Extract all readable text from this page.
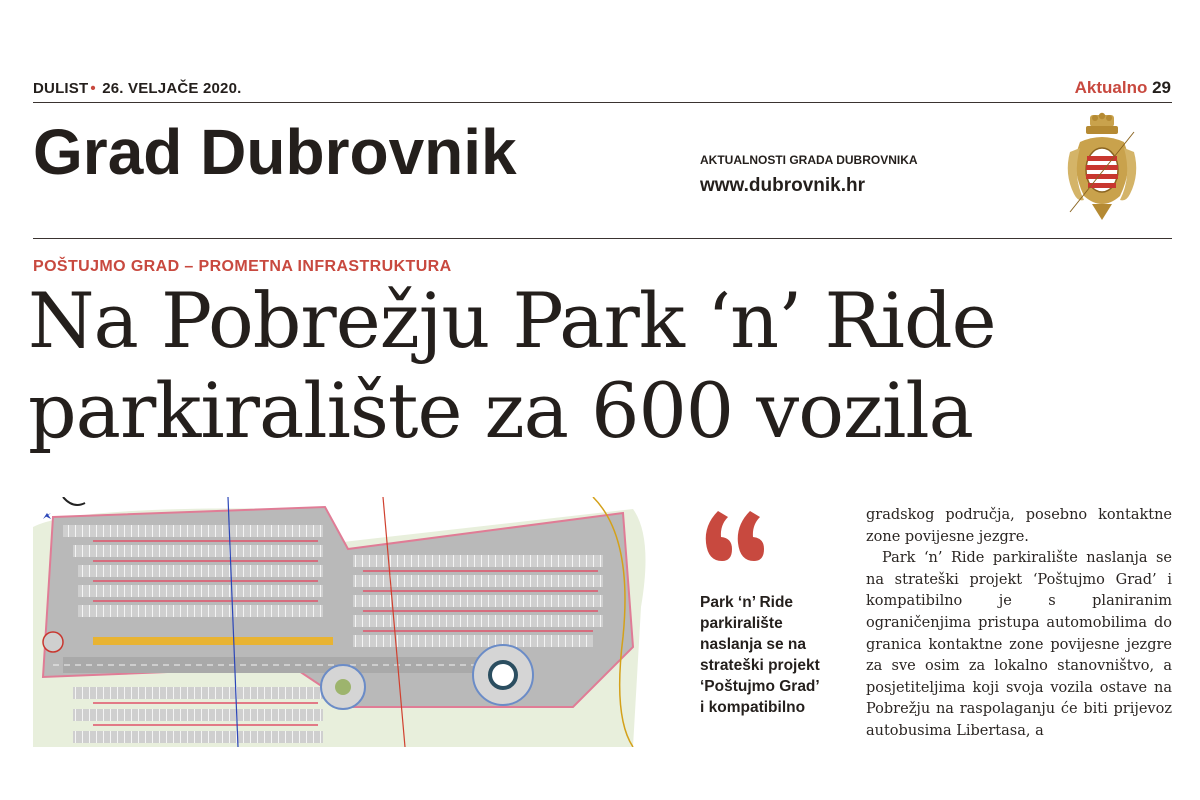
DULIST • 26. VELJAČE 2020.	Aktualno 29
Grad Dubrovnik	AKTUALNOSTI GRADA DUBROVNIKA
www.dubrovnik.hr
POŠTUJMO GRAD – PROMETNA INFRASTRUKTURA
Na Pobrežju Park ‘n’ Ride
parkiralište za 600 vozila
Park ‘n’ Ride parkiralište naslanja se na strateški projekt ‘Poštujmo Grad’ i kompatibilno

gradskog područja, posebno kontaktne zone povijesne jezgre.

Park ‘n’ Ride parkiralište naslanja se na strateški projekt ‘Poštujmo Grad’ i kompatibilno je s planiranim ograničenjima pristupa automobilima do granica kontaktne zone povijesne jezgre za sve osim za lokalno stanovništvo, a posjetiteljima koji svoja vozila ostave na Pobrežju na raspolaganju će biti prijevoz autobusima Libertasa, a
